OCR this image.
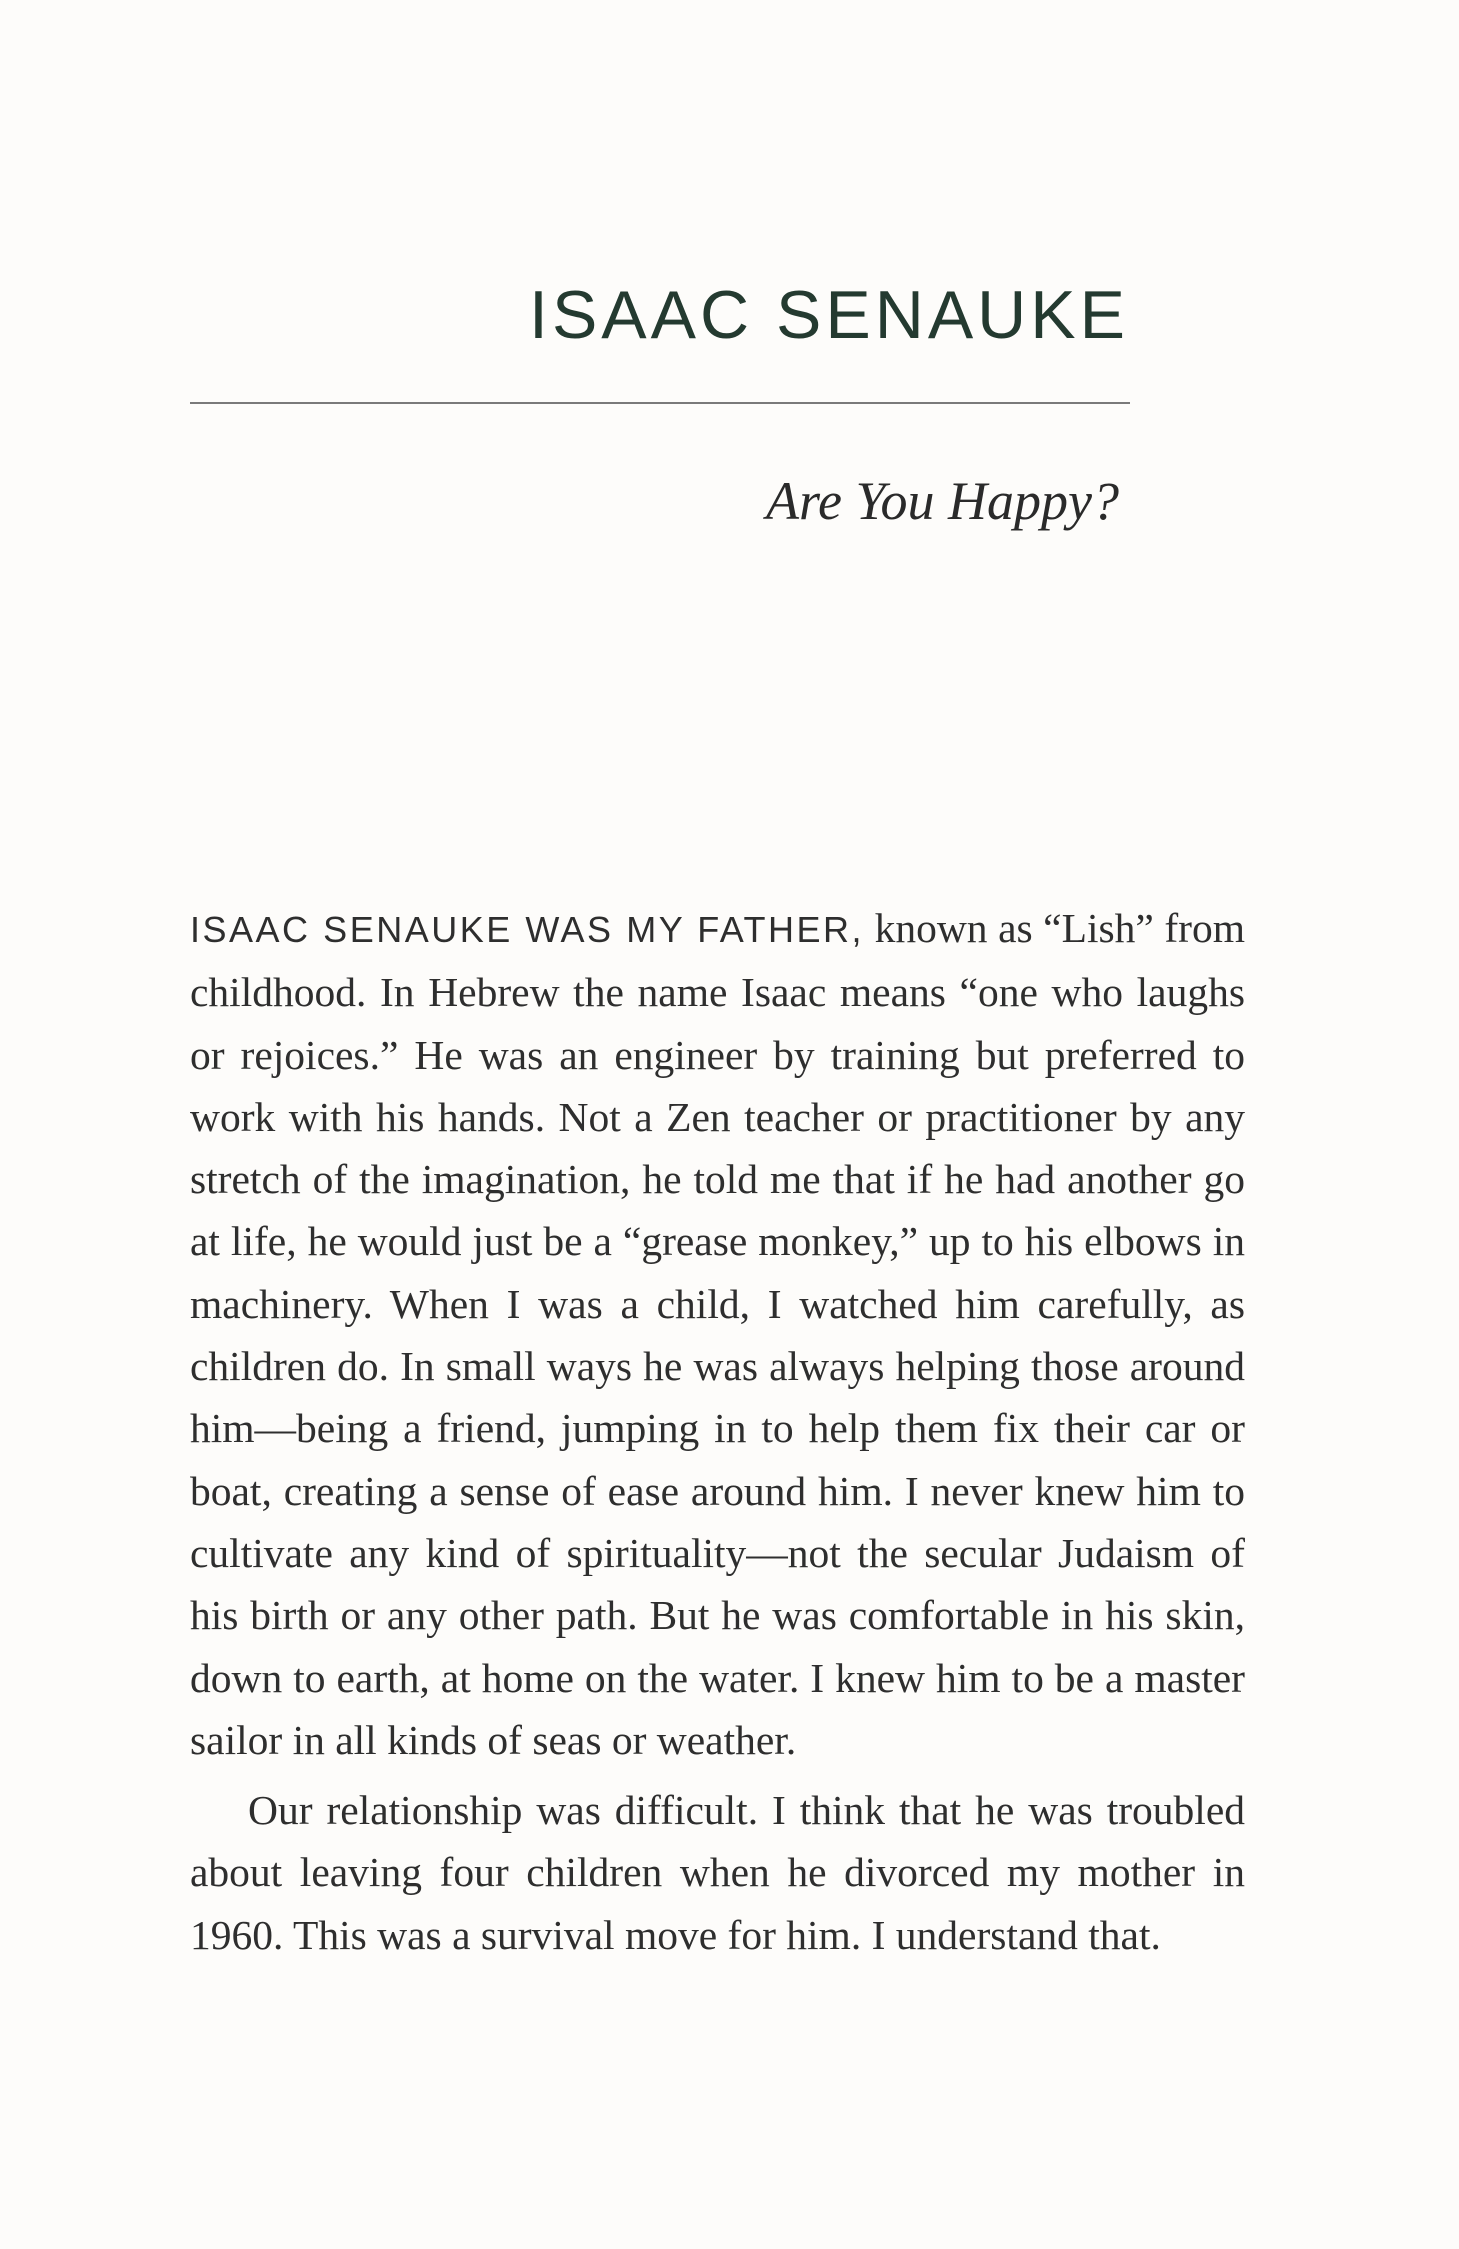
ISAAC SENAUKE
Are You Happy?

ISAAC SENAUKE WAS MY FATHER, known as “Lish” from childhood. In Hebrew the name Isaac means “one who laughs or rejoices.” He was an engineer by training but preferred to work with his hands. Not a Zen teacher or practitioner by any stretch of the imagination, he told me that if he had another go at life, he would just be a “grease monkey,” up to his elbows in machinery. When I was a child, I watched him carefully, as children do. In small ways he was always helping those around him—being a friend, jumping in to help them fix their car or boat, creating a sense of ease around him. I never knew him to cultivate any kind of spirituality—not the secular Judaism of his birth or any other path. But he was comfortable in his skin, down to earth, at home on the water. I knew him to be a master sailor in all kinds of seas or weather.

Our relationship was difficult. I think that he was troubled about leaving four children when he divorced my mother in 1960. This was a survival move for him. I understand that.
